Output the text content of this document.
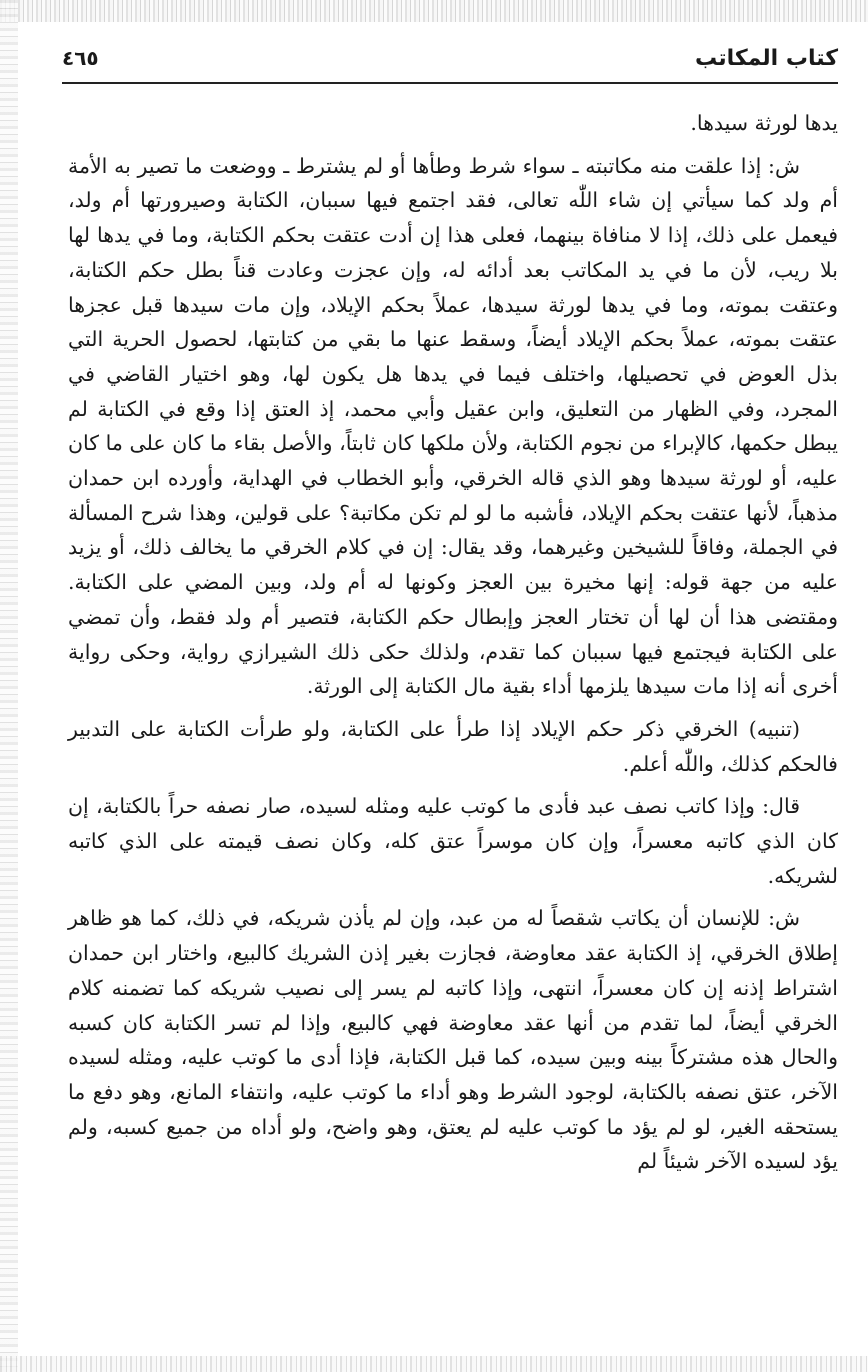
كتاب المكاتب
٤٦٥

يدها لورثة سيدها.

ش: إذا علقت منه مكاتبته ـ سواء شرط وطأها أو لم يشترط ـ ووضعت ما تصير به الأمة أم ولد كما سيأتي إن شاء اللّٰه تعالى، فقد اجتمع فيها سببان، الكتابة وصيرورتها أم ولد، فيعمل على ذلك، إذا لا منافاة بينهما، فعلى هذا إن أدت عتقت بحكم الكتابة، وما في يدها لها بلا ريب، لأن ما في يد المكاتب بعد أدائه له، وإن عجزت وعادت قناً بطل حكم الكتابة، وعتقت بموته، وما في يدها لورثة سيدها، عملاً بحكم الإيلاد، وإن مات سيدها قبل عجزها عتقت بموته، عملاً بحكم الإيلاد أيضاً، وسقط عنها ما بقي من كتابتها، لحصول الحرية التي بذل العوض في تحصيلها، واختلف فيما في يدها هل يكون لها، وهو اختيار القاضي في المجرد، وفي الظهار من التعليق، وابن عقيل وأبي محمد، إذ العتق إذا وقع في الكتابة لم يبطل حكمها، كالإبراء من نجوم الكتابة، ولأن ملكها كان ثابتاً، والأصل بقاء ما كان على ما كان عليه، أو لورثة سيدها وهو الذي قاله الخرقي، وأبو الخطاب في الهداية، وأورده ابن حمدان مذهباً، لأنها عتقت بحكم الإيلاد، فأشبه ما لو لم تكن مكاتبة؟ على قولين، وهذا شرح المسألة في الجملة، وفاقاً للشيخين وغيرهما، وقد يقال: إن في كلام الخرقي ما يخالف ذلك، أو يزيد عليه من جهة قوله: إنها مخيرة بين العجز وكونها له أم ولد، وبين المضي على الكتابة. ومقتضى هذا أن لها أن تختار العجز وإبطال حكم الكتابة، فتصير أم ولد فقط، وأن تمضي على الكتابة فيجتمع فيها سببان كما تقدم، ولذلك حكى ذلك الشيرازي رواية، وحكى رواية أخرى أنه إذا مات سيدها يلزمها أداء بقية مال الكتابة إلى الورثة.

(تنبيه) الخرقي ذكر حكم الإيلاد إذا طرأ على الكتابة، ولو طرأت الكتابة على التدبير فالحكم كذلك، واللّٰه أعلم.

قال: وإذا كاتب نصف عبد فأدى ما كوتب عليه ومثله لسيده، صار نصفه حراً بالكتابة، إن كان الذي كاتبه معسراً، وإن كان موسراً عتق كله، وكان نصف قيمته على الذي كاتبه لشريكه.

ش: للإنسان أن يكاتب شقصاً له من عبد، وإن لم يأذن شريكه، في ذلك، كما هو ظاهر إطلاق الخرقي، إذ الكتابة عقد معاوضة، فجازت بغير إذن الشريك كالبيع، واختار ابن حمدان اشتراط إذنه إن كان معسراً، انتهى، وإذا كاتبه لم يسر إلى نصيب شريكه كما تضمنه كلام الخرقي أيضاً، لما تقدم من أنها عقد معاوضة فهي كالبيع، وإذا لم تسر الكتابة كان كسبه والحال هذه مشتركاً بينه وبين سيده، كما قبل الكتابة، فإذا أدى ما كوتب عليه، ومثله لسيده الآخر، عتق نصفه بالكتابة، لوجود الشرط وهو أداء ما كوتب عليه، وانتفاء المانع، وهو دفع ما يستحقه الغير، لو لم يؤد ما كوتب عليه لم يعتق، وهو واضح، ولو أداه من جميع كسبه، ولم يؤد لسيده الآخر شيئاً لم
